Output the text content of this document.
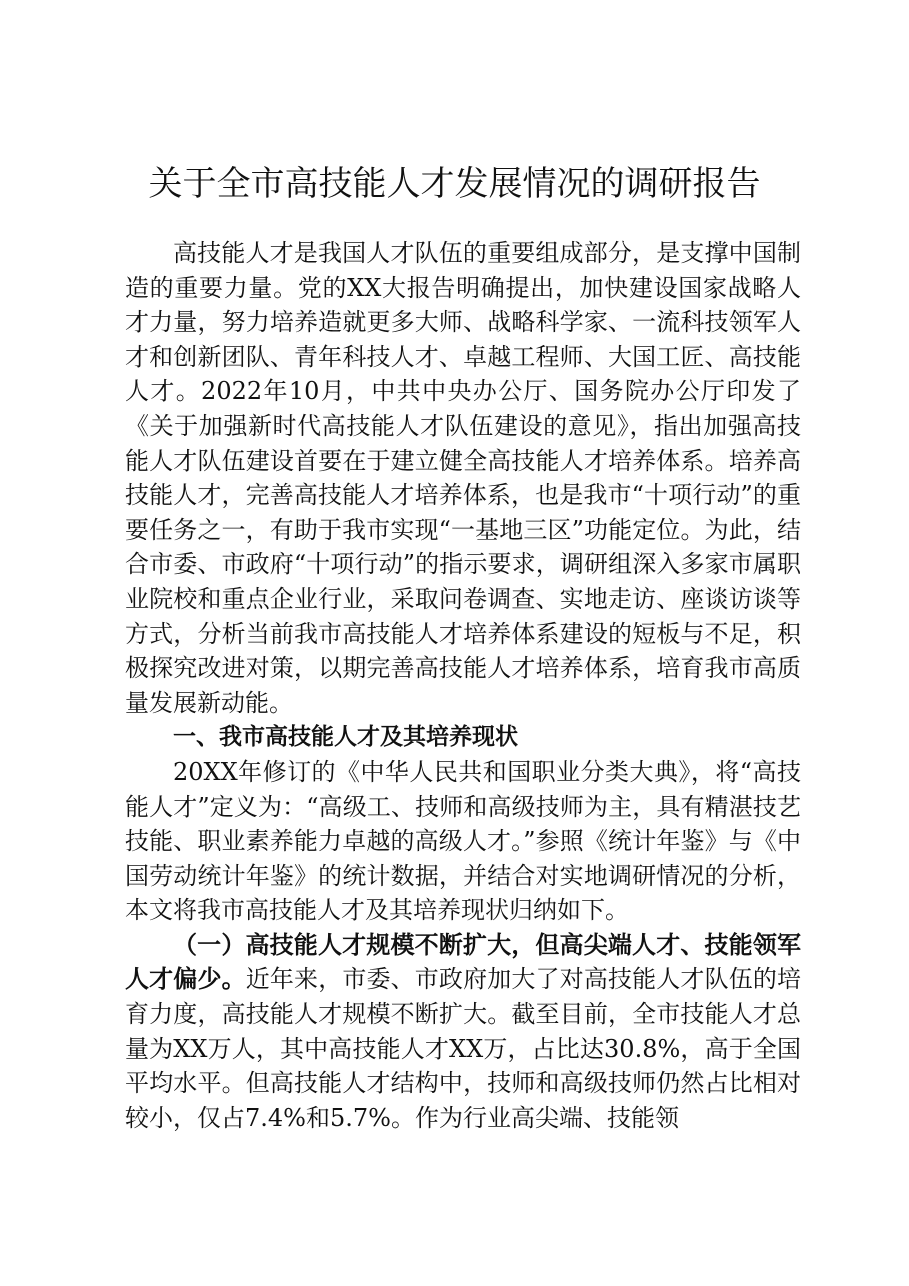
关于全市高技能人才发展情况的调研报告

高技能人才是我国人才队伍的重要组成部分，是支撑中国制造的重要力量。党的XX大报告明确提出，加快建设国家战略人才力量，努力培养造就更多大师、战略科学家、一流科技领军人才和创新团队、青年科技人才、卓越工程师、大国工匠、高技能人才。2022年10月，中共中央办公厅、国务院办公厅印发了《关于加强新时代高技能人才队伍建设的意见》，指出加强高技能人才队伍建设首要在于建立健全高技能人才培养体系。培养高技能人才，完善高技能人才培养体系，也是我市“十项行动”的重要任务之一，有助于我市实现“一基地三区”功能定位。为此，结合市委、市政府“十项行动”的指示要求，调研组深入多家市属职业院校和重点企业行业，采取问卷调查、实地走访、座谈访谈等方式，分析当前我市高技能人才培养体系建设的短板与不足，积极探究改进对策，以期完善高技能人才培养体系，培育我市高质量发展新动能。

一、我市高技能人才及其培养现状

20XX年修订的《中华人民共和国职业分类大典》，将“高技能人才”定义为：“高级工、技师和高级技师为主，具有精湛技艺技能、职业素养能力卓越的高级人才。”参照《统计年鉴》与《中国劳动统计年鉴》的统计数据，并结合对实地调研情况的分析，本文将我市高技能人才及其培养现状归纳如下。

（一）高技能人才规模不断扩大，但高尖端人才、技能领军人才偏少。近年来，市委、市政府加大了对高技能人才队伍的培育力度，高技能人才规模不断扩大。截至目前，全市技能人才总量为XX万人，其中高技能人才XX万，占比达30.8%，高于全国平均水平。但高技能人才结构中，技师和高级技师仍然占比相对较小，仅占7.4%和5.7%。作为行业高尖端、技能领
